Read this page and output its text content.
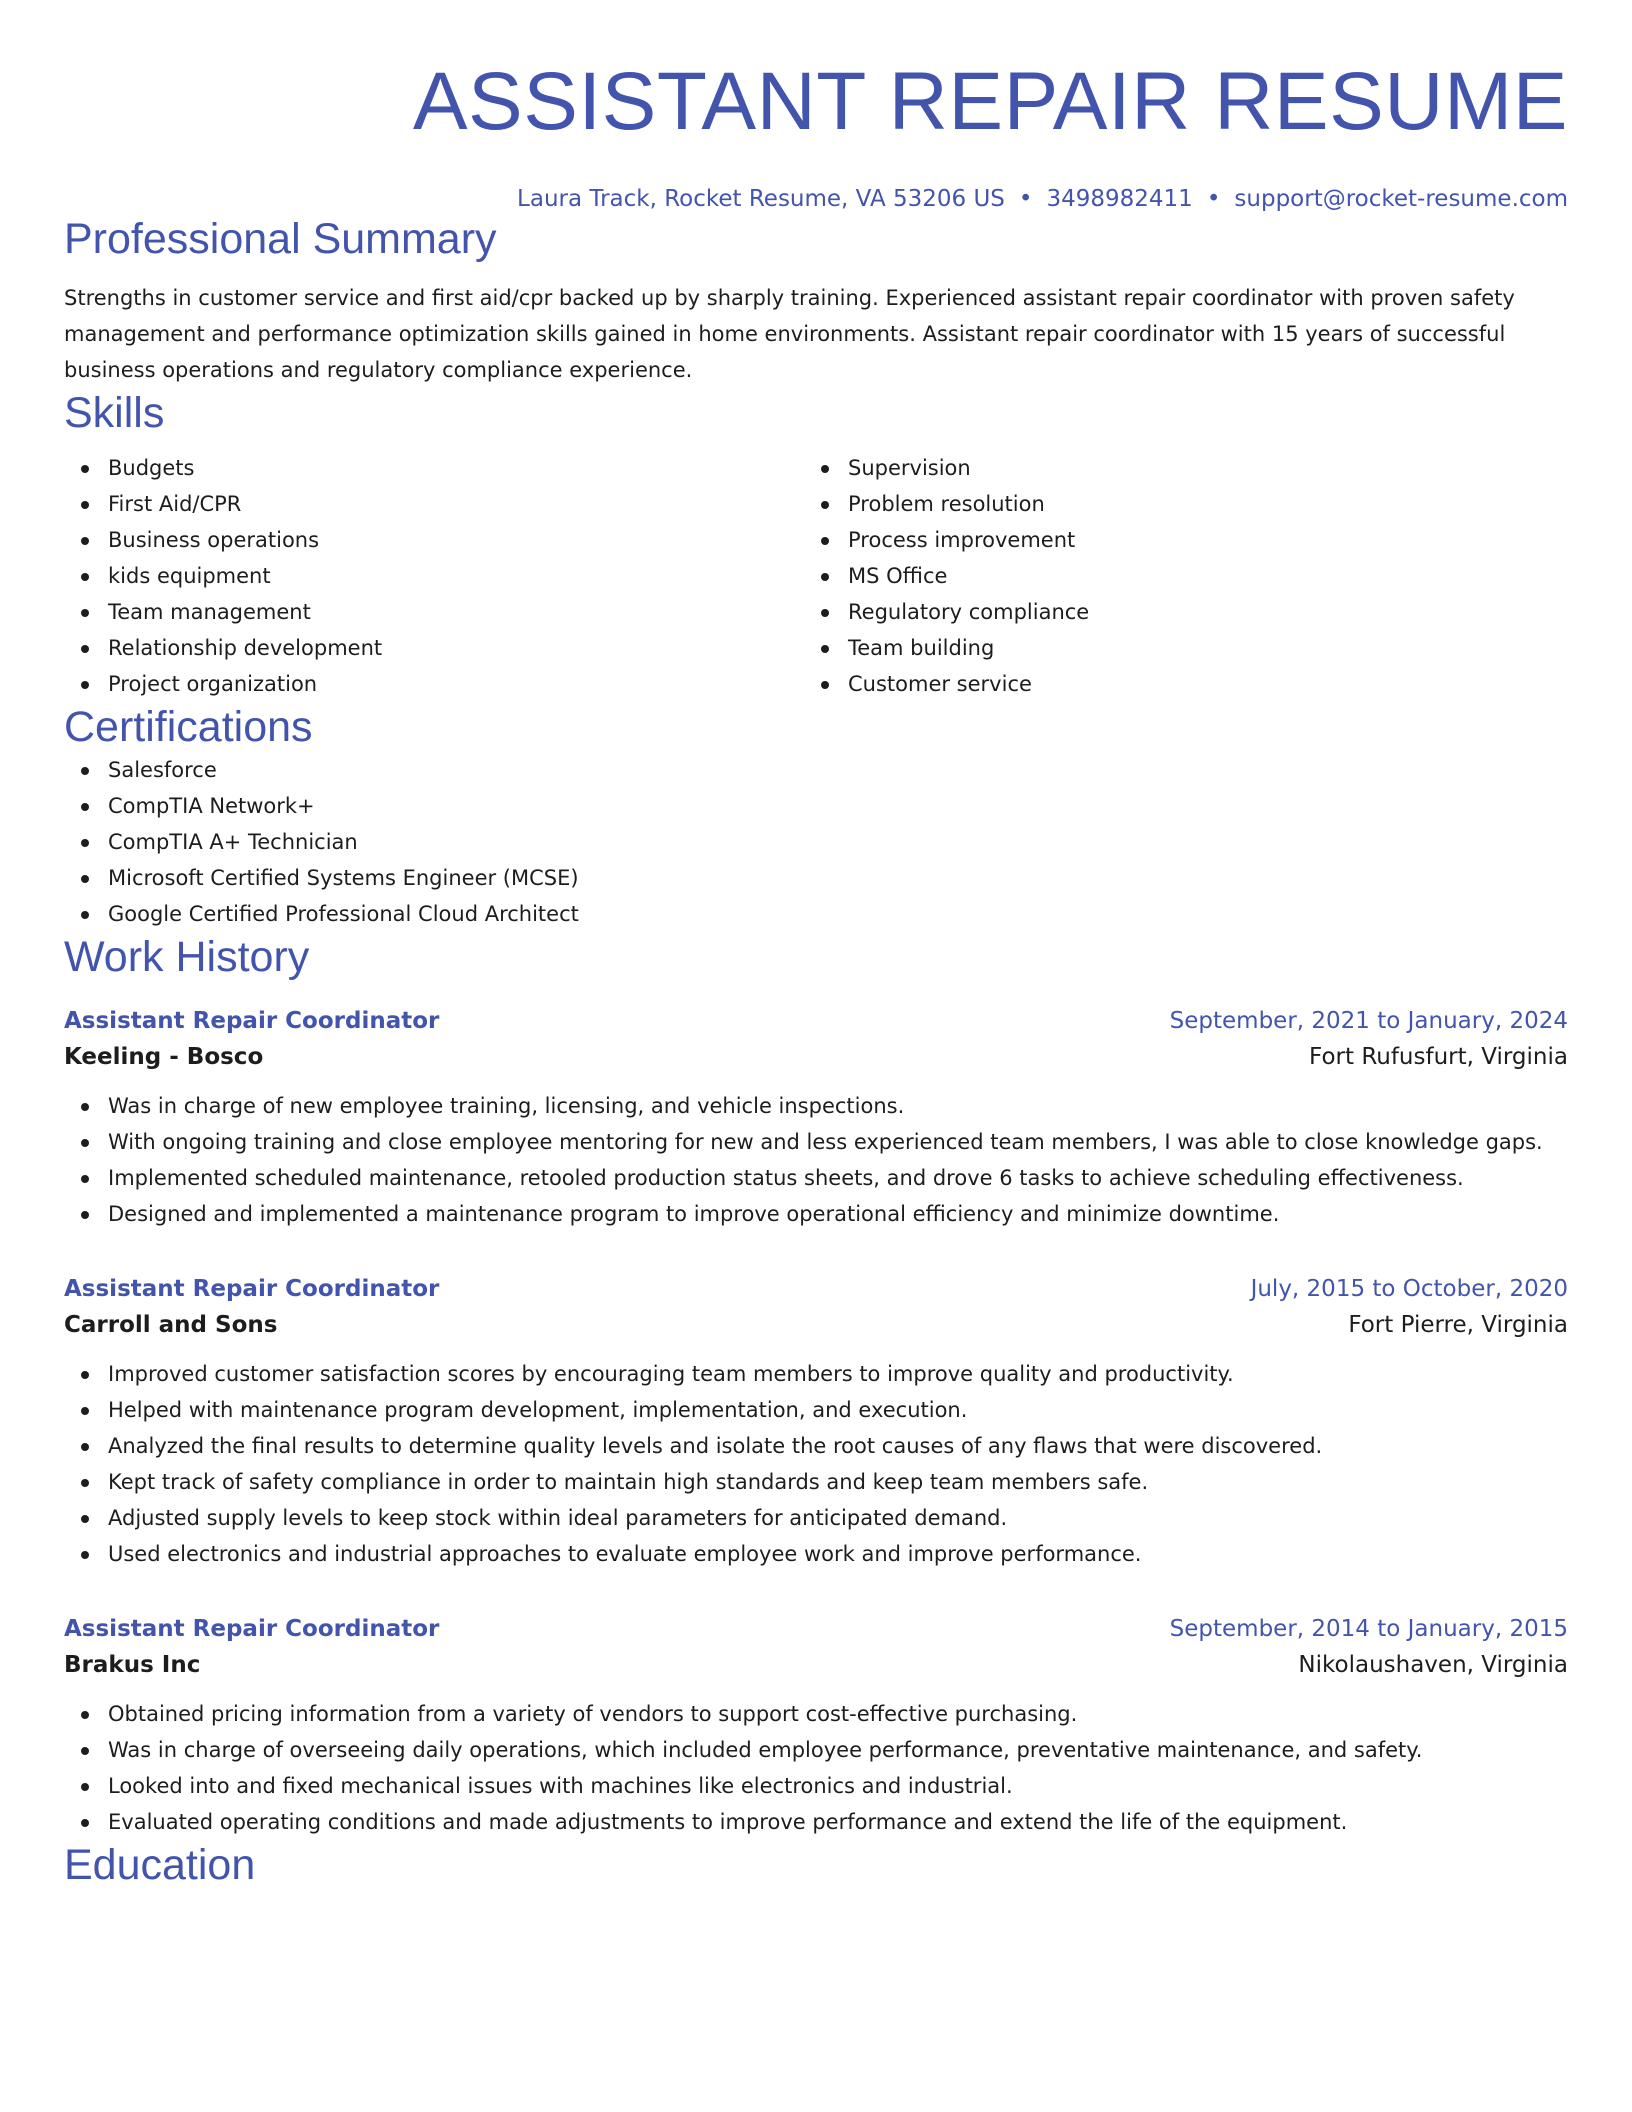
ASSISTANT REPAIR RESUME
Laura Track, Rocket Resume, VA 53206 US • 3498982411 • support@rocket-resume.com
Professional Summary

Strengths in customer service and first aid/cpr backed up by sharply training. Experienced assistant repair coordinator with proven safety management and performance optimization skills gained in home environments. Assistant repair coordinator with 15 years of successful business operations and regulatory compliance experience.

Skills
Budgets
First Aid/CPR
Business operations
kids equipment
Team management
Relationship development
Project organization
Supervision
Problem resolution
Process improvement
MS Office
Regulatory compliance
Team building
Customer service
Certifications
Salesforce
CompTIA Network+
CompTIA A+ Technician
Microsoft Certified Systems Engineer (MCSE)
Google Certified Professional Cloud Architect
Work History
Assistant Repair Coordinator	September, 2021 to January, 2024
Keeling - Bosco	Fort Rufusfurt, Virginia
Was in charge of new employee training, licensing, and vehicle inspections.
With ongoing training and close employee mentoring for new and less experienced team members, I was able to close knowledge gaps.
Implemented scheduled maintenance, retooled production status sheets, and drove 6 tasks to achieve scheduling effectiveness.
Designed and implemented a maintenance program to improve operational efficiency and minimize downtime.
Assistant Repair Coordinator	July, 2015 to October, 2020
Carroll and Sons	Fort Pierre, Virginia
Improved customer satisfaction scores by encouraging team members to improve quality and productivity.
Helped with maintenance program development, implementation, and execution.
Analyzed the final results to determine quality levels and isolate the root causes of any flaws that were discovered.
Kept track of safety compliance in order to maintain high standards and keep team members safe.
Adjusted supply levels to keep stock within ideal parameters for anticipated demand.
Used electronics and industrial approaches to evaluate employee work and improve performance.
Assistant Repair Coordinator	September, 2014 to January, 2015
Brakus Inc	Nikolaushaven, Virginia
Obtained pricing information from a variety of vendors to support cost-effective purchasing.
Was in charge of overseeing daily operations, which included employee performance, preventative maintenance, and safety.
Looked into and fixed mechanical issues with machines like electronics and industrial.
Evaluated operating conditions and made adjustments to improve performance and extend the life of the equipment.
Education
